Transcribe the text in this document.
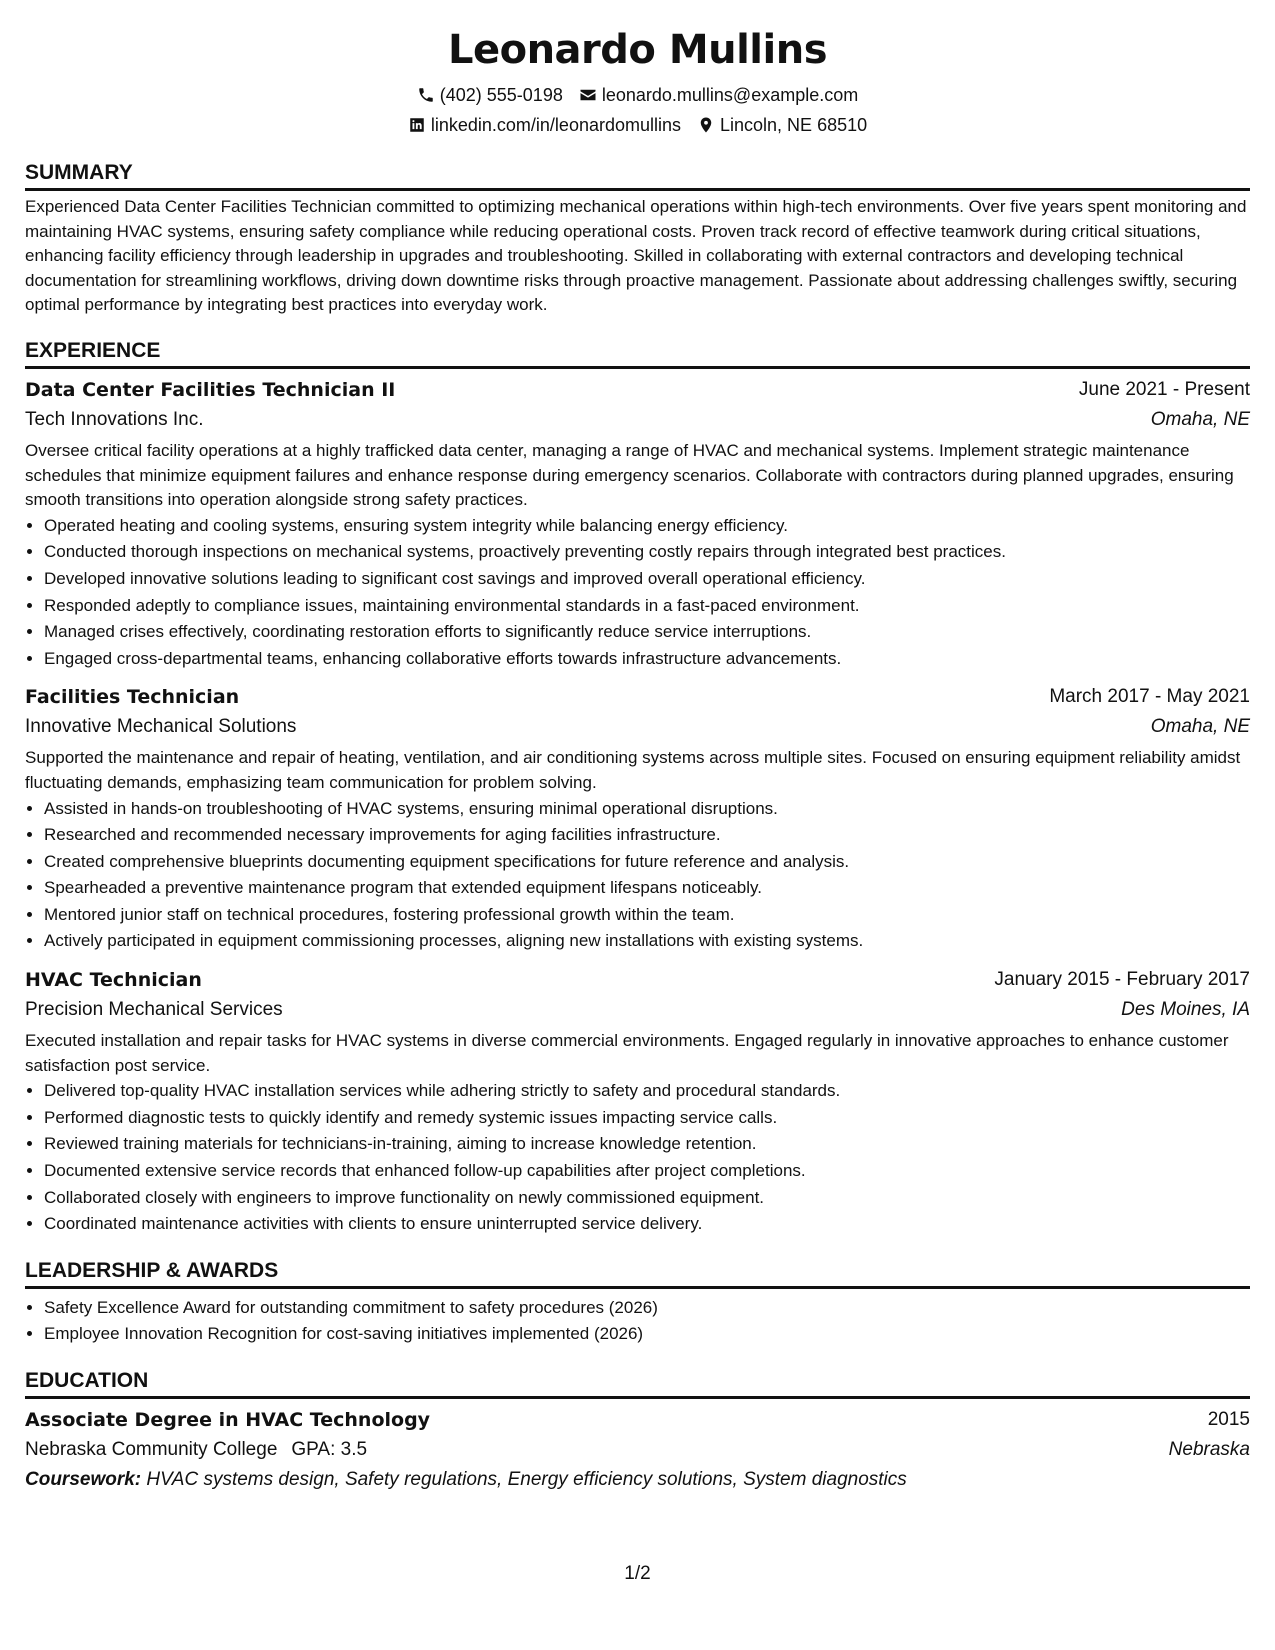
Leonardo Mullins
(402) 555-0198 leonardo.mullins@example.com
linkedin.com/in/leonardomullins Lincoln, NE 68510
SUMMARY

Experienced Data Center Facilities Technician committed to optimizing mechanical operations within high-tech environments. Over five years spent monitoring and maintaining HVAC systems, ensuring safety compliance while reducing operational costs. Proven track record of effective teamwork during critical situations, enhancing facility efficiency through leadership in upgrades and troubleshooting. Skilled in collaborating with external contractors and developing technical documentation for streamlining workflows, driving down downtime risks through proactive management. Passionate about addressing challenges swiftly, securing optimal performance by integrating best practices into everyday work.

EXPERIENCE
Data Center Facilities Technician II	June 2021 - Present
Tech Innovations Inc.	Omaha, NE

Oversee critical facility operations at a highly trafficked data center, managing a range of HVAC and mechanical systems. Implement strategic maintenance schedules that minimize equipment failures and enhance response during emergency scenarios. Collaborate with contractors during planned upgrades, ensuring smooth transitions into operation alongside strong safety practices.

• Operated heating and cooling systems, ensuring system integrity while balancing energy efficiency.
• Conducted thorough inspections on mechanical systems, proactively preventing costly repairs through integrated best practices.
• Developed innovative solutions leading to significant cost savings and improved overall operational efficiency.
• Responded adeptly to compliance issues, maintaining environmental standards in a fast-paced environment.
• Managed crises effectively, coordinating restoration efforts to significantly reduce service interruptions.
• Engaged cross-departmental teams, enhancing collaborative efforts towards infrastructure advancements.
Facilities Technician	March 2017 - May 2021
Innovative Mechanical Solutions	Omaha, NE

Supported the maintenance and repair of heating, ventilation, and air conditioning systems across multiple sites. Focused on ensuring equipment reliability amidst fluctuating demands, emphasizing team communication for problem solving.

• Assisted in hands-on troubleshooting of HVAC systems, ensuring minimal operational disruptions.
• Researched and recommended necessary improvements for aging facilities infrastructure.
• Created comprehensive blueprints documenting equipment specifications for future reference and analysis.
• Spearheaded a preventive maintenance program that extended equipment lifespans noticeably.
• Mentored junior staff on technical procedures, fostering professional growth within the team.
• Actively participated in equipment commissioning processes, aligning new installations with existing systems.
HVAC Technician	January 2015 - February 2017
Precision Mechanical Services	Des Moines, IA

Executed installation and repair tasks for HVAC systems in diverse commercial environments. Engaged regularly in innovative approaches to enhance customer satisfaction post service.

• Delivered top-quality HVAC installation services while adhering strictly to safety and procedural standards.
• Performed diagnostic tests to quickly identify and remedy systemic issues impacting service calls.
• Reviewed training materials for technicians-in-training, aiming to increase knowledge retention.
• Documented extensive service records that enhanced follow-up capabilities after project completions.
• Collaborated closely with engineers to improve functionality on newly commissioned equipment.
• Coordinated maintenance activities with clients to ensure uninterrupted service delivery.
LEADERSHIP & AWARDS
• Safety Excellence Award for outstanding commitment to safety procedures (2026)
• Employee Innovation Recognition for cost-saving initiatives implemented (2026)
EDUCATION
Associate Degree in HVAC Technology	2015
Nebraska Community College GPA: 3.5	Nebraska
Coursework: HVAC systems design, Safety regulations, Energy efficiency solutions, System diagnostics
1/2
